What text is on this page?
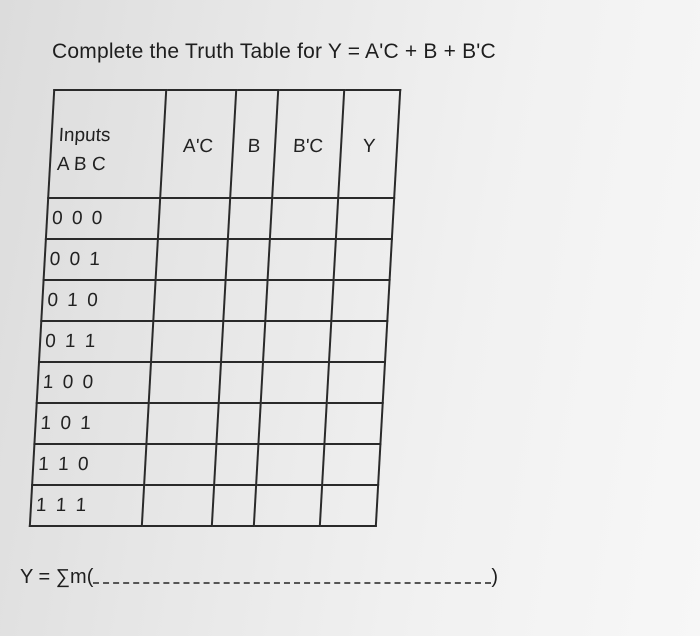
Complete the Truth Table for Y = A'C + B + B'C
Inputs
A B C	A'C	B	B'C	Y
0 0 0				
0 0 1				
0 1 0				
0 1 1				
1 0 0				
1 0 1				
1 1 0				
1 1 1				
Y = ∑m(	)
